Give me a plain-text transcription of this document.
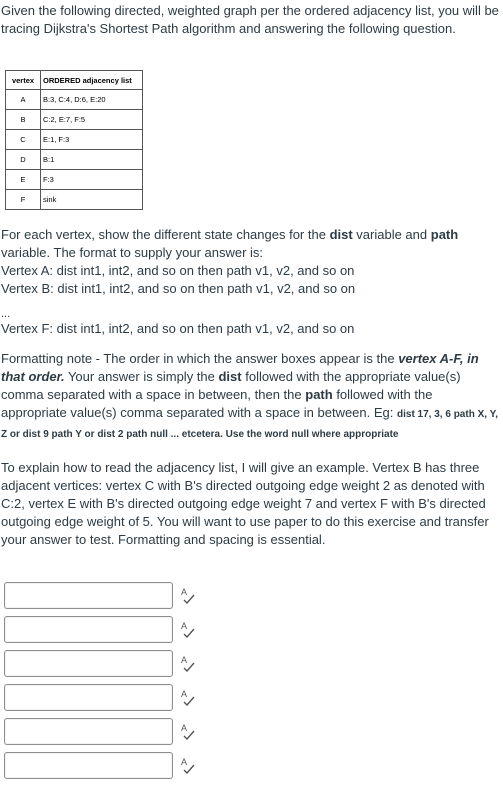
Given the following directed, weighted graph per the ordered adjacency list, you will be tracing Dijkstra's Shortest Path algorithm and answering the following question.
vertex	ORDERED adjacency list
A	B:3, C:4, D:6, E:20
B	C:2, E:7, F:5
C	E:1, F:3
D	B:1
E	F:3
F	sink
For each vertex, show the different state changes for the dist variable and path variable. The format to supply your answer is:
Vertex A: dist int1, int2, and so on then path v1, v2, and so on
Vertex B: dist int1, int2, and so on then path v1, v2, and so on
...
Vertex F: dist int1, int2, and so on then path v1, v2, and so on
Formatting note - The order in which the answer boxes appear is the vertex A-F, in that order. Your answer is simply the dist followed with the appropriate value(s) comma separated with a space in between, then the path followed with the appropriate value(s) comma separated with a space in between. Eg: dist 17, 3, 6 path X, Y, Z or dist 9 path Y or dist 2 path null ... etcetera. Use the word null where appropriate
To explain how to read the adjacency list, I will give an example. Vertex B has three adjacent vertices: vertex C with B's directed outgoing edge weight 2 as denoted with C:2, vertex E with B's directed outgoing edge weight 7 and vertex F with B's directed outgoing edge weight of 5. You will want to use paper to do this exercise and transfer your answer to test. Formatting and spacing is essential.
A
A
A
A
A
A
